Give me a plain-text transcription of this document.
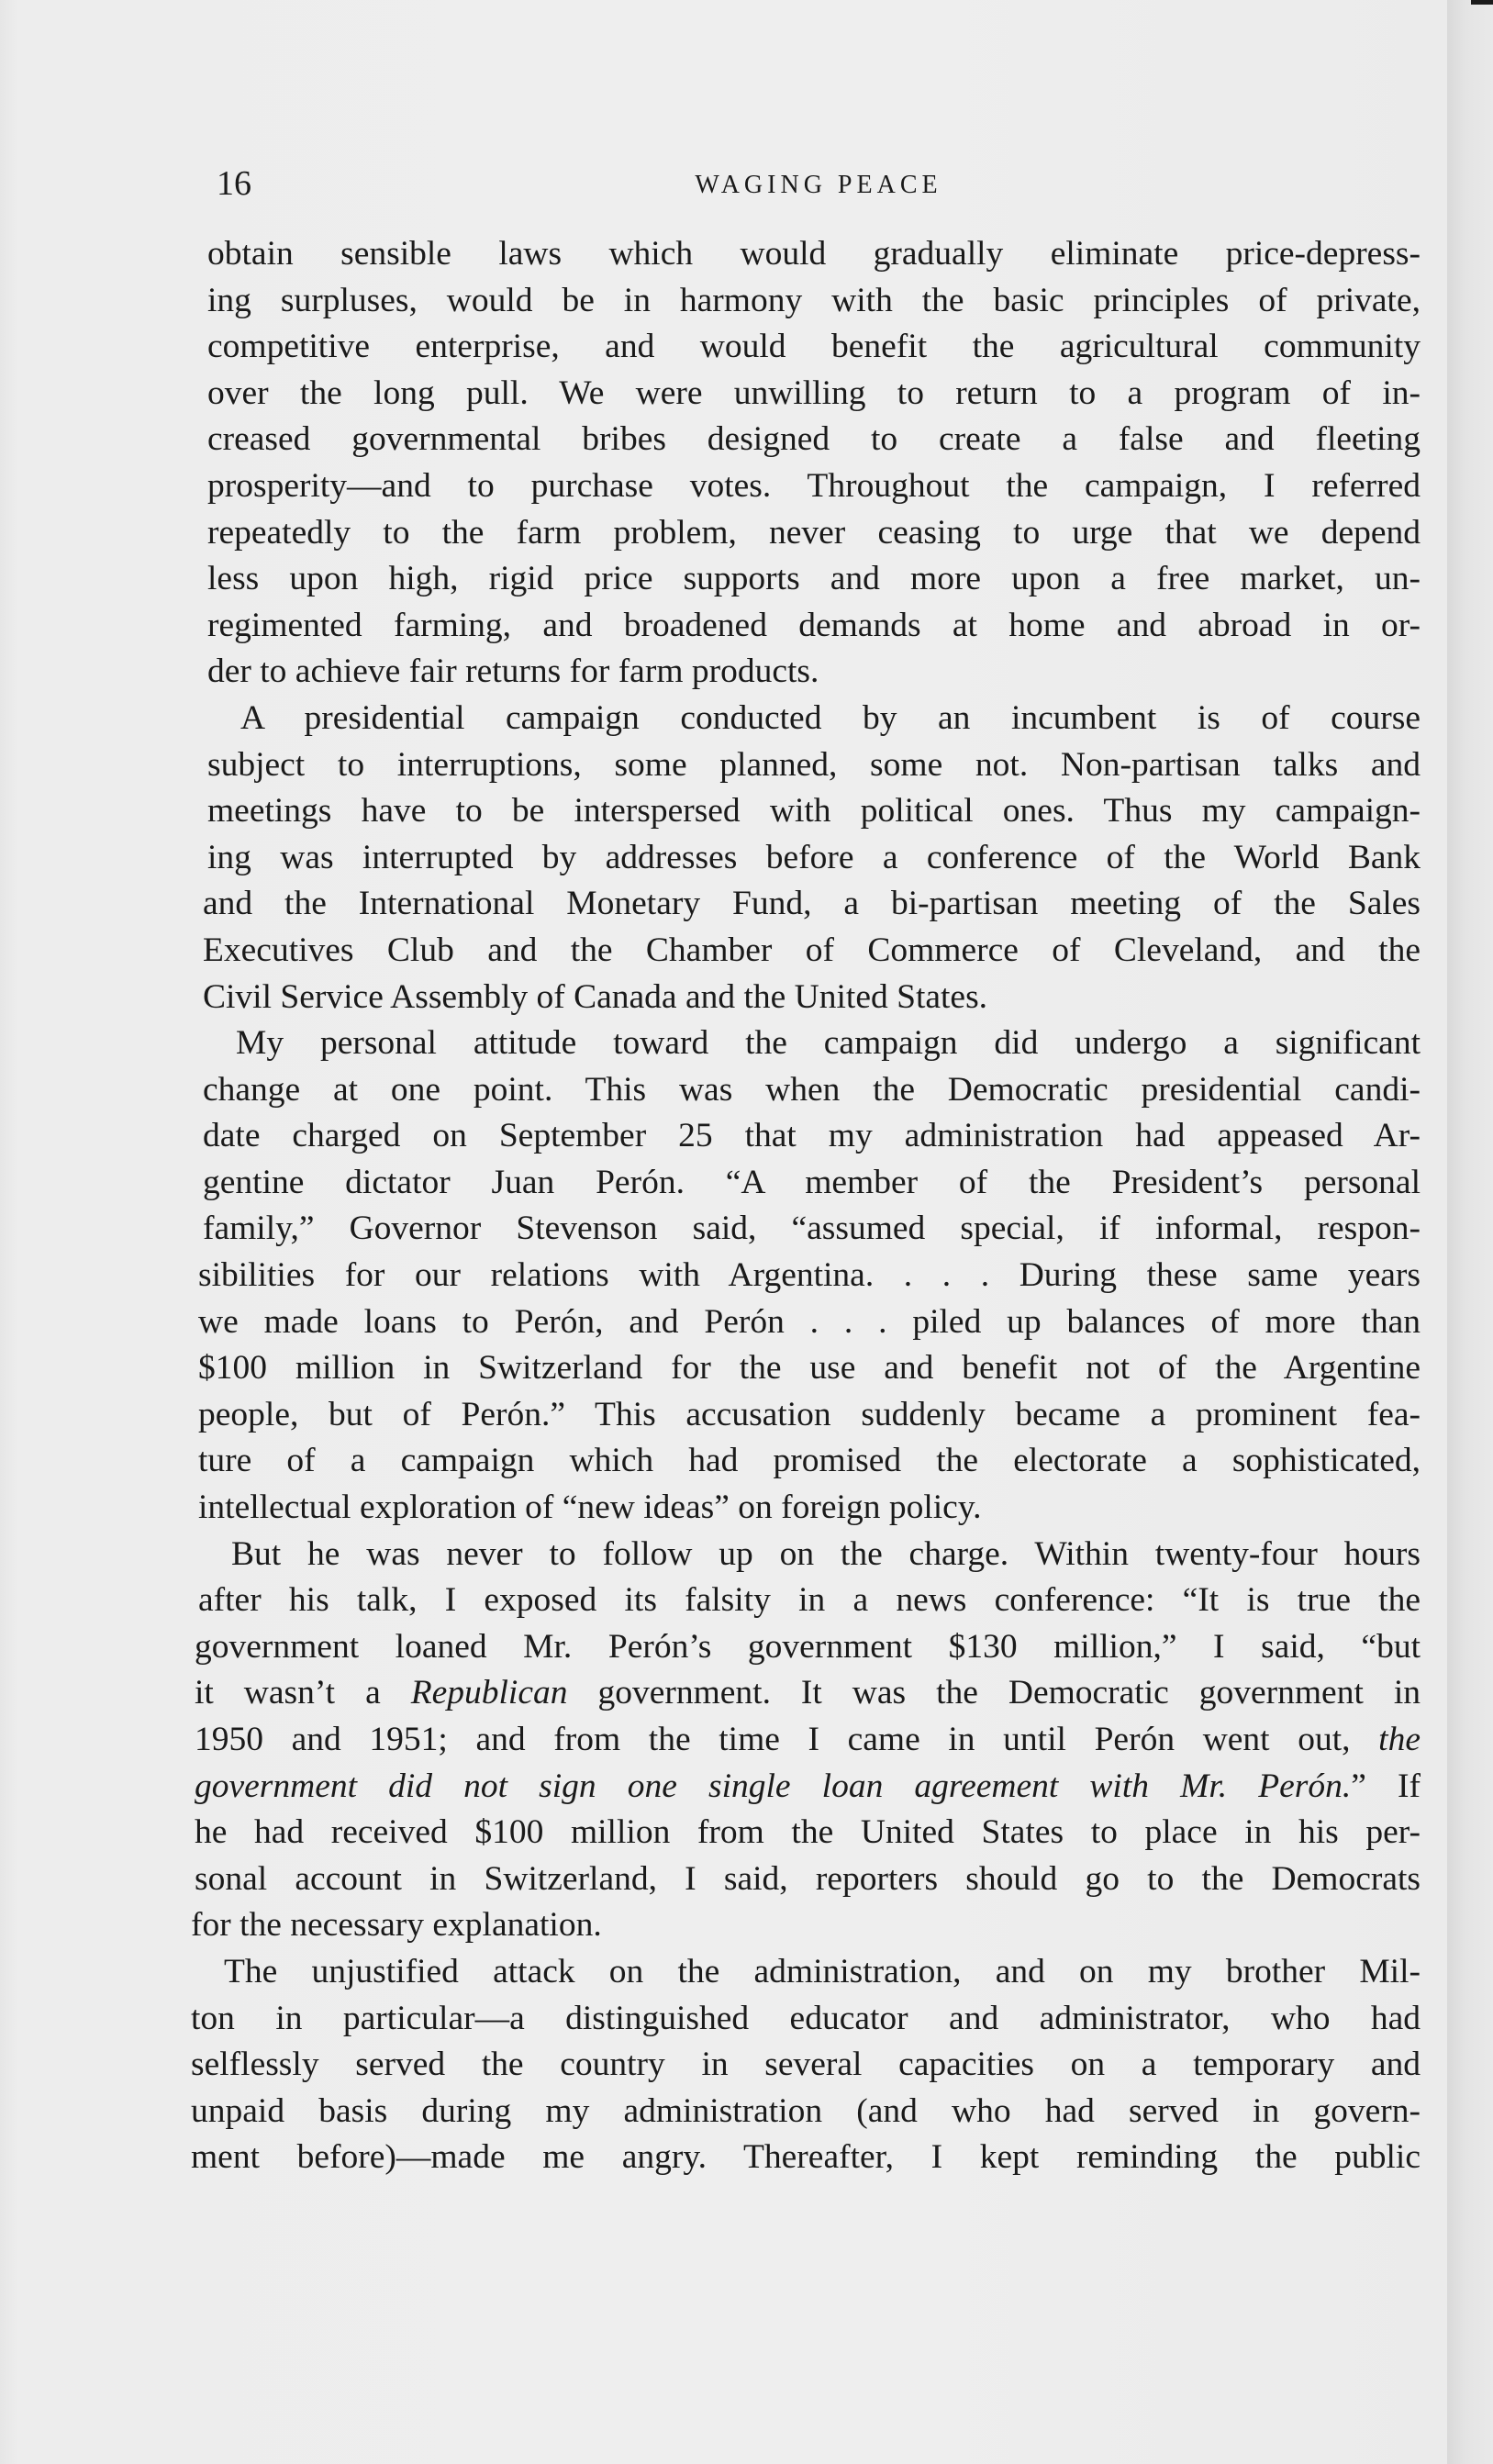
16	WAGING PEACE
obtain sensible laws which would gradually eliminate price-depress-
ing surpluses, would be in harmony with the basic principles of private,
competitive enterprise, and would benefit the agricultural community
over the long pull. We were unwilling to return to a program of in-
creased governmental bribes designed to create a false and fleeting
prosperity—and to purchase votes. Throughout the campaign, I referred
repeatedly to the farm problem, never ceasing to urge that we depend
less upon high, rigid price supports and more upon a free market, un-
regimented farming, and broadened demands at home and abroad in or-
der to achieve fair returns for farm products.
A presidential campaign conducted by an incumbent is of course
subject to interruptions, some planned, some not. Non-partisan talks and
meetings have to be interspersed with political ones. Thus my campaign-
ing was interrupted by addresses before a conference of the World Bank
and the International Monetary Fund, a bi-partisan meeting of the Sales
Executives Club and the Chamber of Commerce of Cleveland, and the
Civil Service Assembly of Canada and the United States.
My personal attitude toward the campaign did undergo a significant
change at one point. This was when the Democratic presidential candi-
date charged on September 25 that my administration had appeased Ar-
gentine dictator Juan Perón. “A member of the President’s personal
family,” Governor Stevenson said, “assumed special, if informal, respon-
sibilities for our relations with Argentina. . . . During these same years
we made loans to Perón, and Perón . . . piled up balances of more than
$100 million in Switzerland for the use and benefit not of the Argentine
people, but of Perón.” This accusation suddenly became a prominent fea-
ture of a campaign which had promised the electorate a sophisticated,
intellectual exploration of “new ideas” on foreign policy.
But he was never to follow up on the charge. Within twenty-four hours
after his talk, I exposed its falsity in a news conference: “It is true the
government loaned Mr. Perón’s government $130 million,” I said, “but
it wasn’t a Republican government. It was the Democratic government in
1950 and 1951; and from the time I came in until Perón went out, the
government did not sign one single loan agreement with Mr. Perón.” If
he had received $100 million from the United States to place in his per-
sonal account in Switzerland, I said, reporters should go to the Democrats
for the necessary explanation.
The unjustified attack on the administration, and on my brother Mil-
ton in particular—a distinguished educator and administrator, who had
selflessly served the country in several capacities on a temporary and
unpaid basis during my administration (and who had served in govern-
ment before)—made me angry. Thereafter, I kept reminding the public
